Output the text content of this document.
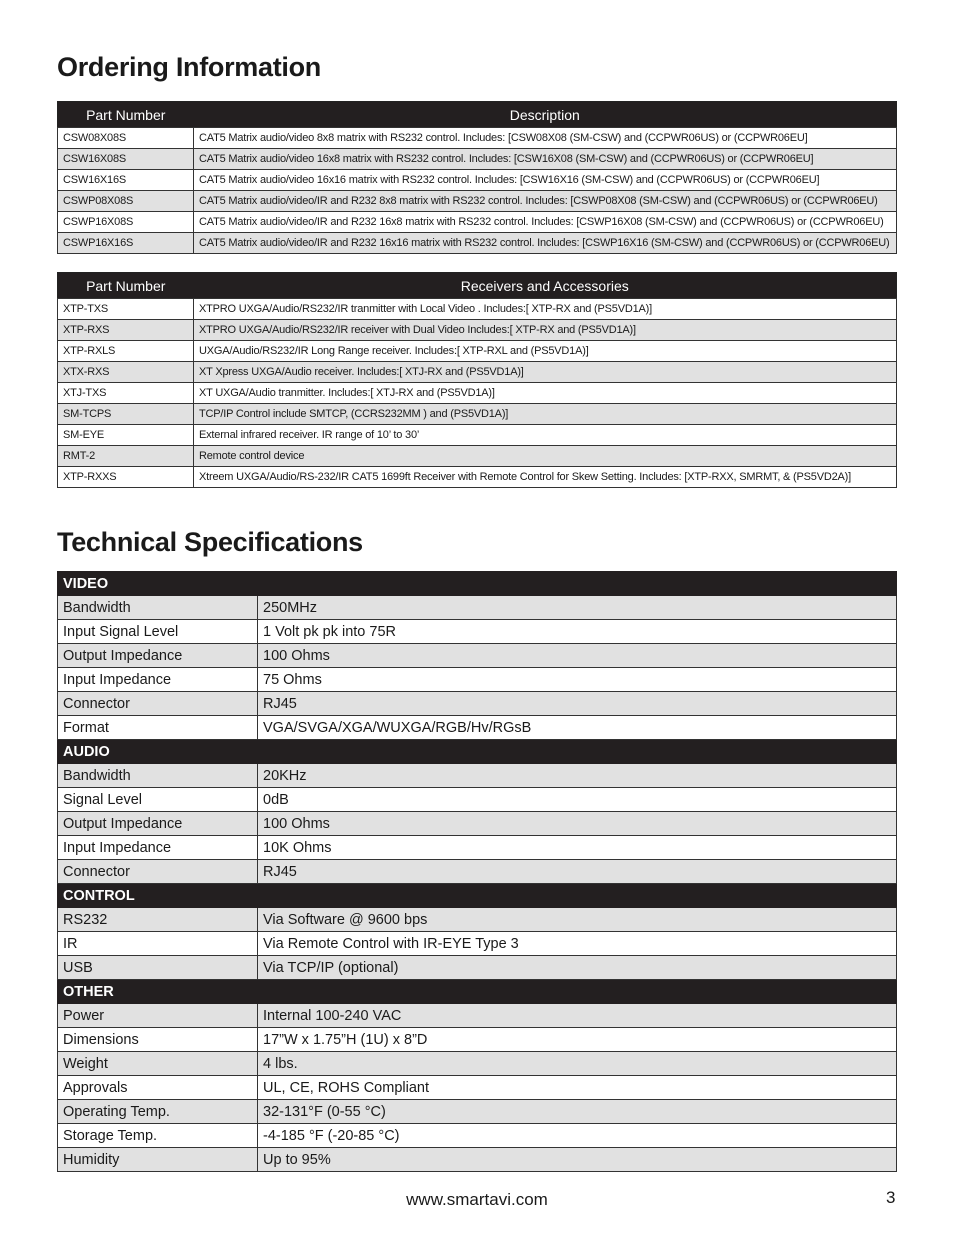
Ordering Information
Part Number	Description
CSW08X08S	CAT5 Matrix audio/video 8x8 matrix with RS232 control. Includes: [CSW08X08 (SM-CSW) and (CCPWR06US) or (CCPWR06EU]
CSW16X08S	CAT5 Matrix audio/video 16x8 matrix with RS232 control. Includes: [CSW16X08 (SM-CSW) and (CCPWR06US) or (CCPWR06EU]
CSW16X16S	CAT5 Matrix audio/video 16x16 matrix with RS232 control. Includes: [CSW16X16 (SM-CSW) and (CCPWR06US) or (CCPWR06EU]
CSWP08X08S	CAT5 Matrix audio/video/IR and R232 8x8 matrix with RS232 control. Includes: [CSWP08X08 (SM-CSW) and (CCPWR06US) or (CCPWR06EU)
CSWP16X08S	CAT5 Matrix audio/video/IR and R232 16x8 matrix with RS232 control. Includes: [CSWP16X08 (SM-CSW) and (CCPWR06US) or (CCPWR06EU)
CSWP16X16S	CAT5 Matrix audio/video/IR and R232 16x16 matrix with RS232 control. Includes: [CSWP16X16 (SM-CSW) and (CCPWR06US) or (CCPWR06EU)
Part Number	Receivers and Accessories
XTP-TXS	XTPRO UXGA/Audio/RS232/IR tranmitter with Local Video . Includes:[ XTP-RX and (PS5VD1A)]
XTP-RXS	XTPRO UXGA/Audio/RS232/IR receiver with Dual Video Includes:[ XTP-RX and (PS5VD1A)]
XTP-RXLS	UXGA/Audio/RS232/IR Long Range receiver. Includes:[ XTP-RXL and (PS5VD1A)]
XTX-RXS	XT Xpress UXGA/Audio receiver. Includes:[ XTJ-RX and (PS5VD1A)]
XTJ-TXS	XT UXGA/Audio tranmitter. Includes:[ XTJ-RX and (PS5VD1A)]
SM-TCPS	TCP/IP Control include SMTCP, (CCRS232MM ) and (PS5VD1A)]
SM-EYE	External infrared receiver. IR range of 10’ to 30’
RMT-2	Remote control device
XTP-RXXS	Xtreem UXGA/Audio/RS-232/IR CAT5 1699ft Receiver with Remote Control for Skew Setting. Includes: [XTP-RXX, SMRMT, & (PS5VD2A)]
Technical Specifications
VIDEO	
Bandwidth	250MHz
Input Signal Level	1 Volt pk pk into 75R
Output Impedance	100 Ohms
Input Impedance	75 Ohms
Connector	RJ45
Format	VGA/SVGA/XGA/WUXGA/RGB/Hv/RGsB
AUDIO	
Bandwidth	20KHz
Signal Level	0dB
Output Impedance	100 Ohms
Input Impedance	10K Ohms
Connector	RJ45
CONTROL	
RS232	Via Software @ 9600 bps
IR	Via Remote Control with IR-EYE Type 3
USB	Via TCP/IP (optional)
OTHER	
Power	Internal 100-240 VAC
Dimensions	17”W x 1.75”H (1U) x 8”D
Weight	4 lbs.
Approvals	UL, CE, ROHS Compliant
Operating Temp.	32-131°F (0-55 °C)
Storage Temp.	-4-185 °F (-20-85 °C)
Humidity	Up to 95%
www.smartavi.com	3
